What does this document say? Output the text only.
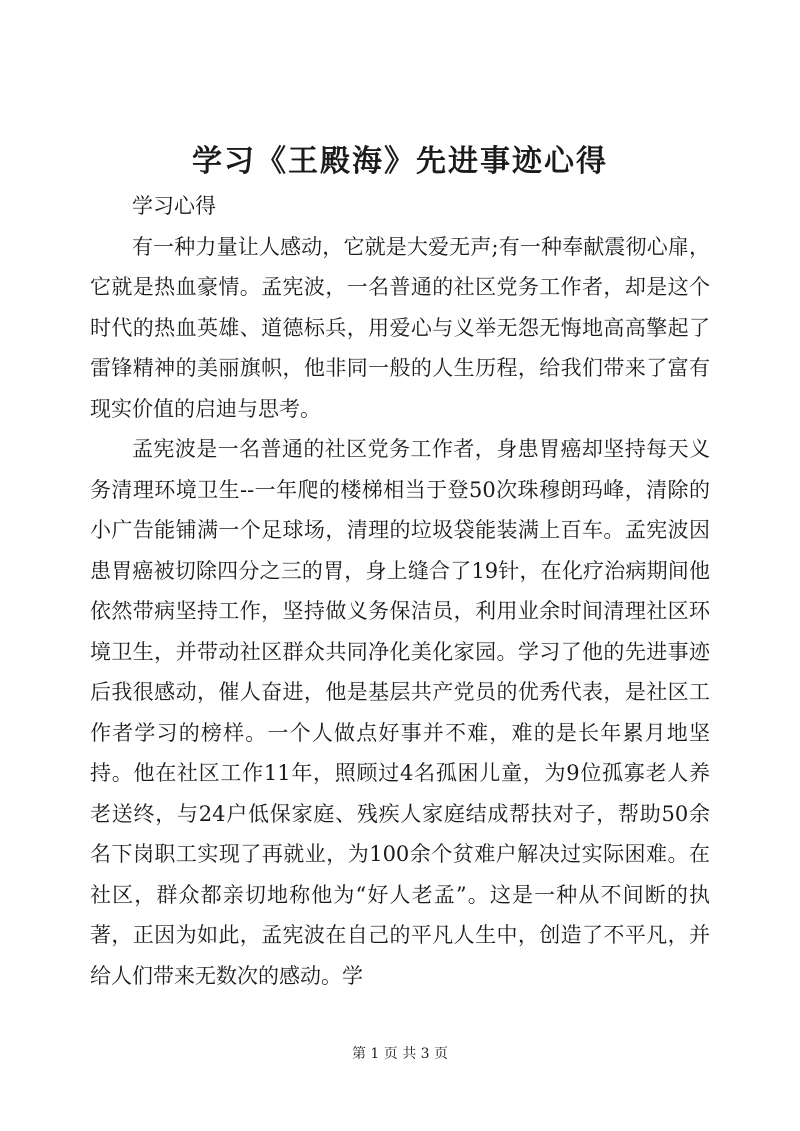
学习《王殿海》先进事迹心得

学习心得

有一种力量让人感动，它就是大爱无声;有一种奉献震彻心扉，它就是热血豪情。孟宪波，一名普通的社区党务工作者，却是这个时代的热血英雄、道德标兵，用爱心与义举无怨无悔地高高擎起了雷锋精神的美丽旗帜，他非同一般的人生历程，给我们带来了富有现实价值的启迪与思考。

孟宪波是一名普通的社区党务工作者，身患胃癌却坚持每天义务清理环境卫生--一年爬的楼梯相当于登50次珠穆朗玛峰，清除的小广告能铺满一个足球场，清理的垃圾袋能装满上百车。孟宪波因患胃癌被切除四分之三的胃，身上缝合了19针，在化疗治病期间他依然带病坚持工作，坚持做义务保洁员，利用业余时间清理社区环境卫生，并带动社区群众共同净化美化家园。学习了他的先进事迹后我很感动，催人奋进，他是基层共产党员的优秀代表，是社区工作者学习的榜样。一个人做点好事并不难，难的是长年累月地坚持。他在社区工作11年，照顾过4名孤困儿童，为9位孤寡老人养老送终，与24户低保家庭、残疾人家庭结成帮扶对子，帮助50余名下岗职工实现了再就业，为100余个贫难户解决过实际困难。在社区，群众都亲切地称他为“好人老孟”。这是一种从不间断的执著，正因为如此，孟宪波在自己的平凡人生中，创造了不平凡，并给人们带来无数次的感动。学

第 1 页 共 3 页
